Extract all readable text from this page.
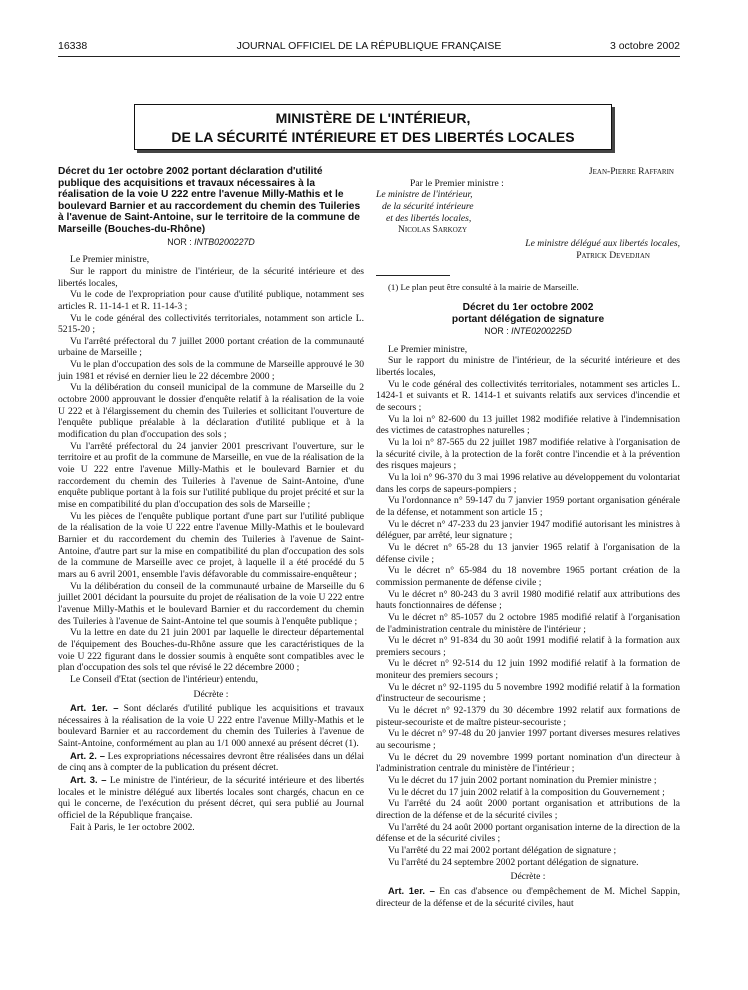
16338	JOURNAL OFFICIEL DE LA RÉPUBLIQUE FRANÇAISE	3 octobre 2002
MINISTÈRE DE L'INTÉRIEUR,
DE LA SÉCURITÉ INTÉRIEURE ET DES LIBERTÉS LOCALES
Décret du 1er octobre 2002 portant déclaration d'utilité publique des acquisitions et travaux nécessaires à la réalisation de la voie U 222 entre l'avenue Milly-Mathis et le boulevard Barnier et au raccordement du chemin des Tuileries à l'avenue de Saint-Antoine, sur le territoire de la commune de Marseille (Bouches-du-Rhône)
NOR : INTB0200227D

Le Premier ministre,

Sur le rapport du ministre de l'intérieur, de la sécurité intérieure et des libertés locales,

Vu le code de l'expropriation pour cause d'utilité publique, notamment ses articles R. 11-14-1 et R. 11-14-3 ;

Vu le code général des collectivités territoriales, notamment son article L. 5215-20 ;

Vu l'arrêté préfectoral du 7 juillet 2000 portant création de la communauté urbaine de Marseille ;

Vu le plan d'occupation des sols de la commune de Marseille approuvé le 30 juin 1981 et révisé en dernier lieu le 22 décembre 2000 ;

Vu la délibération du conseil municipal de la commune de Marseille du 2 octobre 2000 approuvant le dossier d'enquête relatif à la réalisation de la voie U 222 et à l'élargissement du chemin des Tuileries et sollicitant l'ouverture de l'enquête publique préalable à la déclaration d'utilité publique et à la modification du plan d'occupation des sols ;

Vu l'arrêté préfectoral du 24 janvier 2001 prescrivant l'ouverture, sur le territoire et au profit de la commune de Marseille, en vue de la réalisation de la voie U 222 entre l'avenue Milly-Mathis et le boulevard Barnier et du raccordement du chemin des Tuileries à l'avenue de Saint-Antoine, d'une enquête publique portant à la fois sur l'utilité publique du projet précité et sur la mise en compatibilité du plan d'occupation des sols de Marseille ;

Vu les pièces de l'enquête publique portant d'une part sur l'utilité publique de la réalisation de la voie U 222 entre l'avenue Milly-Mathis et le boulevard Barnier et du raccordement du chemin des Tuileries à l'avenue de Saint-Antoine, d'autre part sur la mise en compatibilité du plan d'occupation des sols de la commune de Marseille avec ce projet, à laquelle il a été procédé du 5 mars au 6 avril 2001, ensemble l'avis défavorable du commissaire-enquêteur ;

Vu la délibération du conseil de la communauté urbaine de Marseille du 6 juillet 2001 décidant la poursuite du projet de réalisation de la voie U 222 entre l'avenue Milly-Mathis et le boulevard Barnier et du raccordement du chemin des Tuileries à l'avenue de Saint-Antoine tel que soumis à l'enquête publique ;

Vu la lettre en date du 21 juin 2001 par laquelle le directeur départemental de l'équipement des Bouches-du-Rhône assure que les caractéristiques de la voie U 222 figurant dans le dossier soumis à enquête sont compatibles avec le plan d'occupation des sols tel que révisé le 22 décembre 2000 ;

Le Conseil d'Etat (section de l'intérieur) entendu,

Décrète :

Art. 1er. – Sont déclarés d'utilité publique les acquisitions et travaux nécessaires à la réalisation de la voie U 222 entre l'avenue Milly-Mathis et le boulevard Barnier et au raccordement du chemin des Tuileries à l'avenue de Saint-Antoine, conformément au plan au 1/1 000 annexé au présent décret (1).

Art. 2. – Les expropriations nécessaires devront être réalisées dans un délai de cinq ans à compter de la publication du présent décret.

Art. 3. – Le ministre de l'intérieur, de la sécurité intérieure et des libertés locales et le ministre délégué aux libertés locales sont chargés, chacun en ce qui le concerne, de l'exécution du présent décret, qui sera publié au Journal officiel de la République française.

Fait à Paris, le 1er octobre 2002.

Jean-Pierre Raffarin

Par le Premier ministre :

Le ministre de l'intérieur,

de la sécurité intérieure

et des libertés locales,

Nicolas Sarkozy

Le ministre délégué aux libertés locales,

Patrick Devedjian

(1) Le plan peut être consulté à la mairie de Marseille.

Décret du 1er octobre 2002
portant délégation de signature
NOR : INTE0200225D

Le Premier ministre,

Sur le rapport du ministre de l'intérieur, de la sécurité intérieure et des libertés locales,

Vu le code général des collectivités territoriales, notamment ses articles L. 1424-1 et suivants et R. 1414-1 et suivants relatifs aux services d'incendie et de secours ;

Vu la loi n° 82-600 du 13 juillet 1982 modifiée relative à l'indemnisation des victimes de catastrophes naturelles ;

Vu la loi n° 87-565 du 22 juillet 1987 modifiée relative à l'organisation de la sécurité civile, à la protection de la forêt contre l'incendie et à la prévention des risques majeurs ;

Vu la loi n° 96-370 du 3 mai 1996 relative au développement du volontariat dans les corps de sapeurs-pompiers ;

Vu l'ordonnance n° 59-147 du 7 janvier 1959 portant organisation générale de la défense, et notamment son article 15 ;

Vu le décret n° 47-233 du 23 janvier 1947 modifié autorisant les ministres à déléguer, par arrêté, leur signature ;

Vu le décret n° 65-28 du 13 janvier 1965 relatif à l'organisation de la défense civile ;

Vu le décret n° 65-984 du 18 novembre 1965 portant création de la commission permanente de défense civile ;

Vu le décret n° 80-243 du 3 avril 1980 modifié relatif aux attributions des hauts fonctionnaires de défense ;

Vu le décret n° 85-1057 du 2 octobre 1985 modifié relatif à l'organisation de l'administration centrale du ministère de l'intérieur ;

Vu le décret n° 91-834 du 30 août 1991 modifié relatif à la formation aux premiers secours ;

Vu le décret n° 92-514 du 12 juin 1992 modifié relatif à la formation de moniteur des premiers secours ;

Vu le décret n° 92-1195 du 5 novembre 1992 modifié relatif à la formation d'instructeur de secourisme ;

Vu le décret n° 92-1379 du 30 décembre 1992 relatif aux formations de pisteur-secouriste et de maître pisteur-secouriste ;

Vu le décret n° 97-48 du 20 janvier 1997 portant diverses mesures relatives au secourisme ;

Vu le décret du 29 novembre 1999 portant nomination d'un directeur à l'administration centrale du ministère de l'intérieur ;

Vu le décret du 17 juin 2002 portant nomination du Premier ministre ;

Vu le décret du 17 juin 2002 relatif à la composition du Gouvernement ;

Vu l'arrêté du 24 août 2000 portant organisation et attributions de la direction de la défense et de la sécurité civiles ;

Vu l'arrêté du 24 août 2000 portant organisation interne de la direction de la défense et de la sécurité civiles ;

Vu l'arrêté du 22 mai 2002 portant délégation de signature ;

Vu l'arrêté du 24 septembre 2002 portant délégation de signature.

Décrète :

Art. 1er. – En cas d'absence ou d'empêchement de M. Michel Sappin, directeur de la défense et de la sécurité civiles, haut
